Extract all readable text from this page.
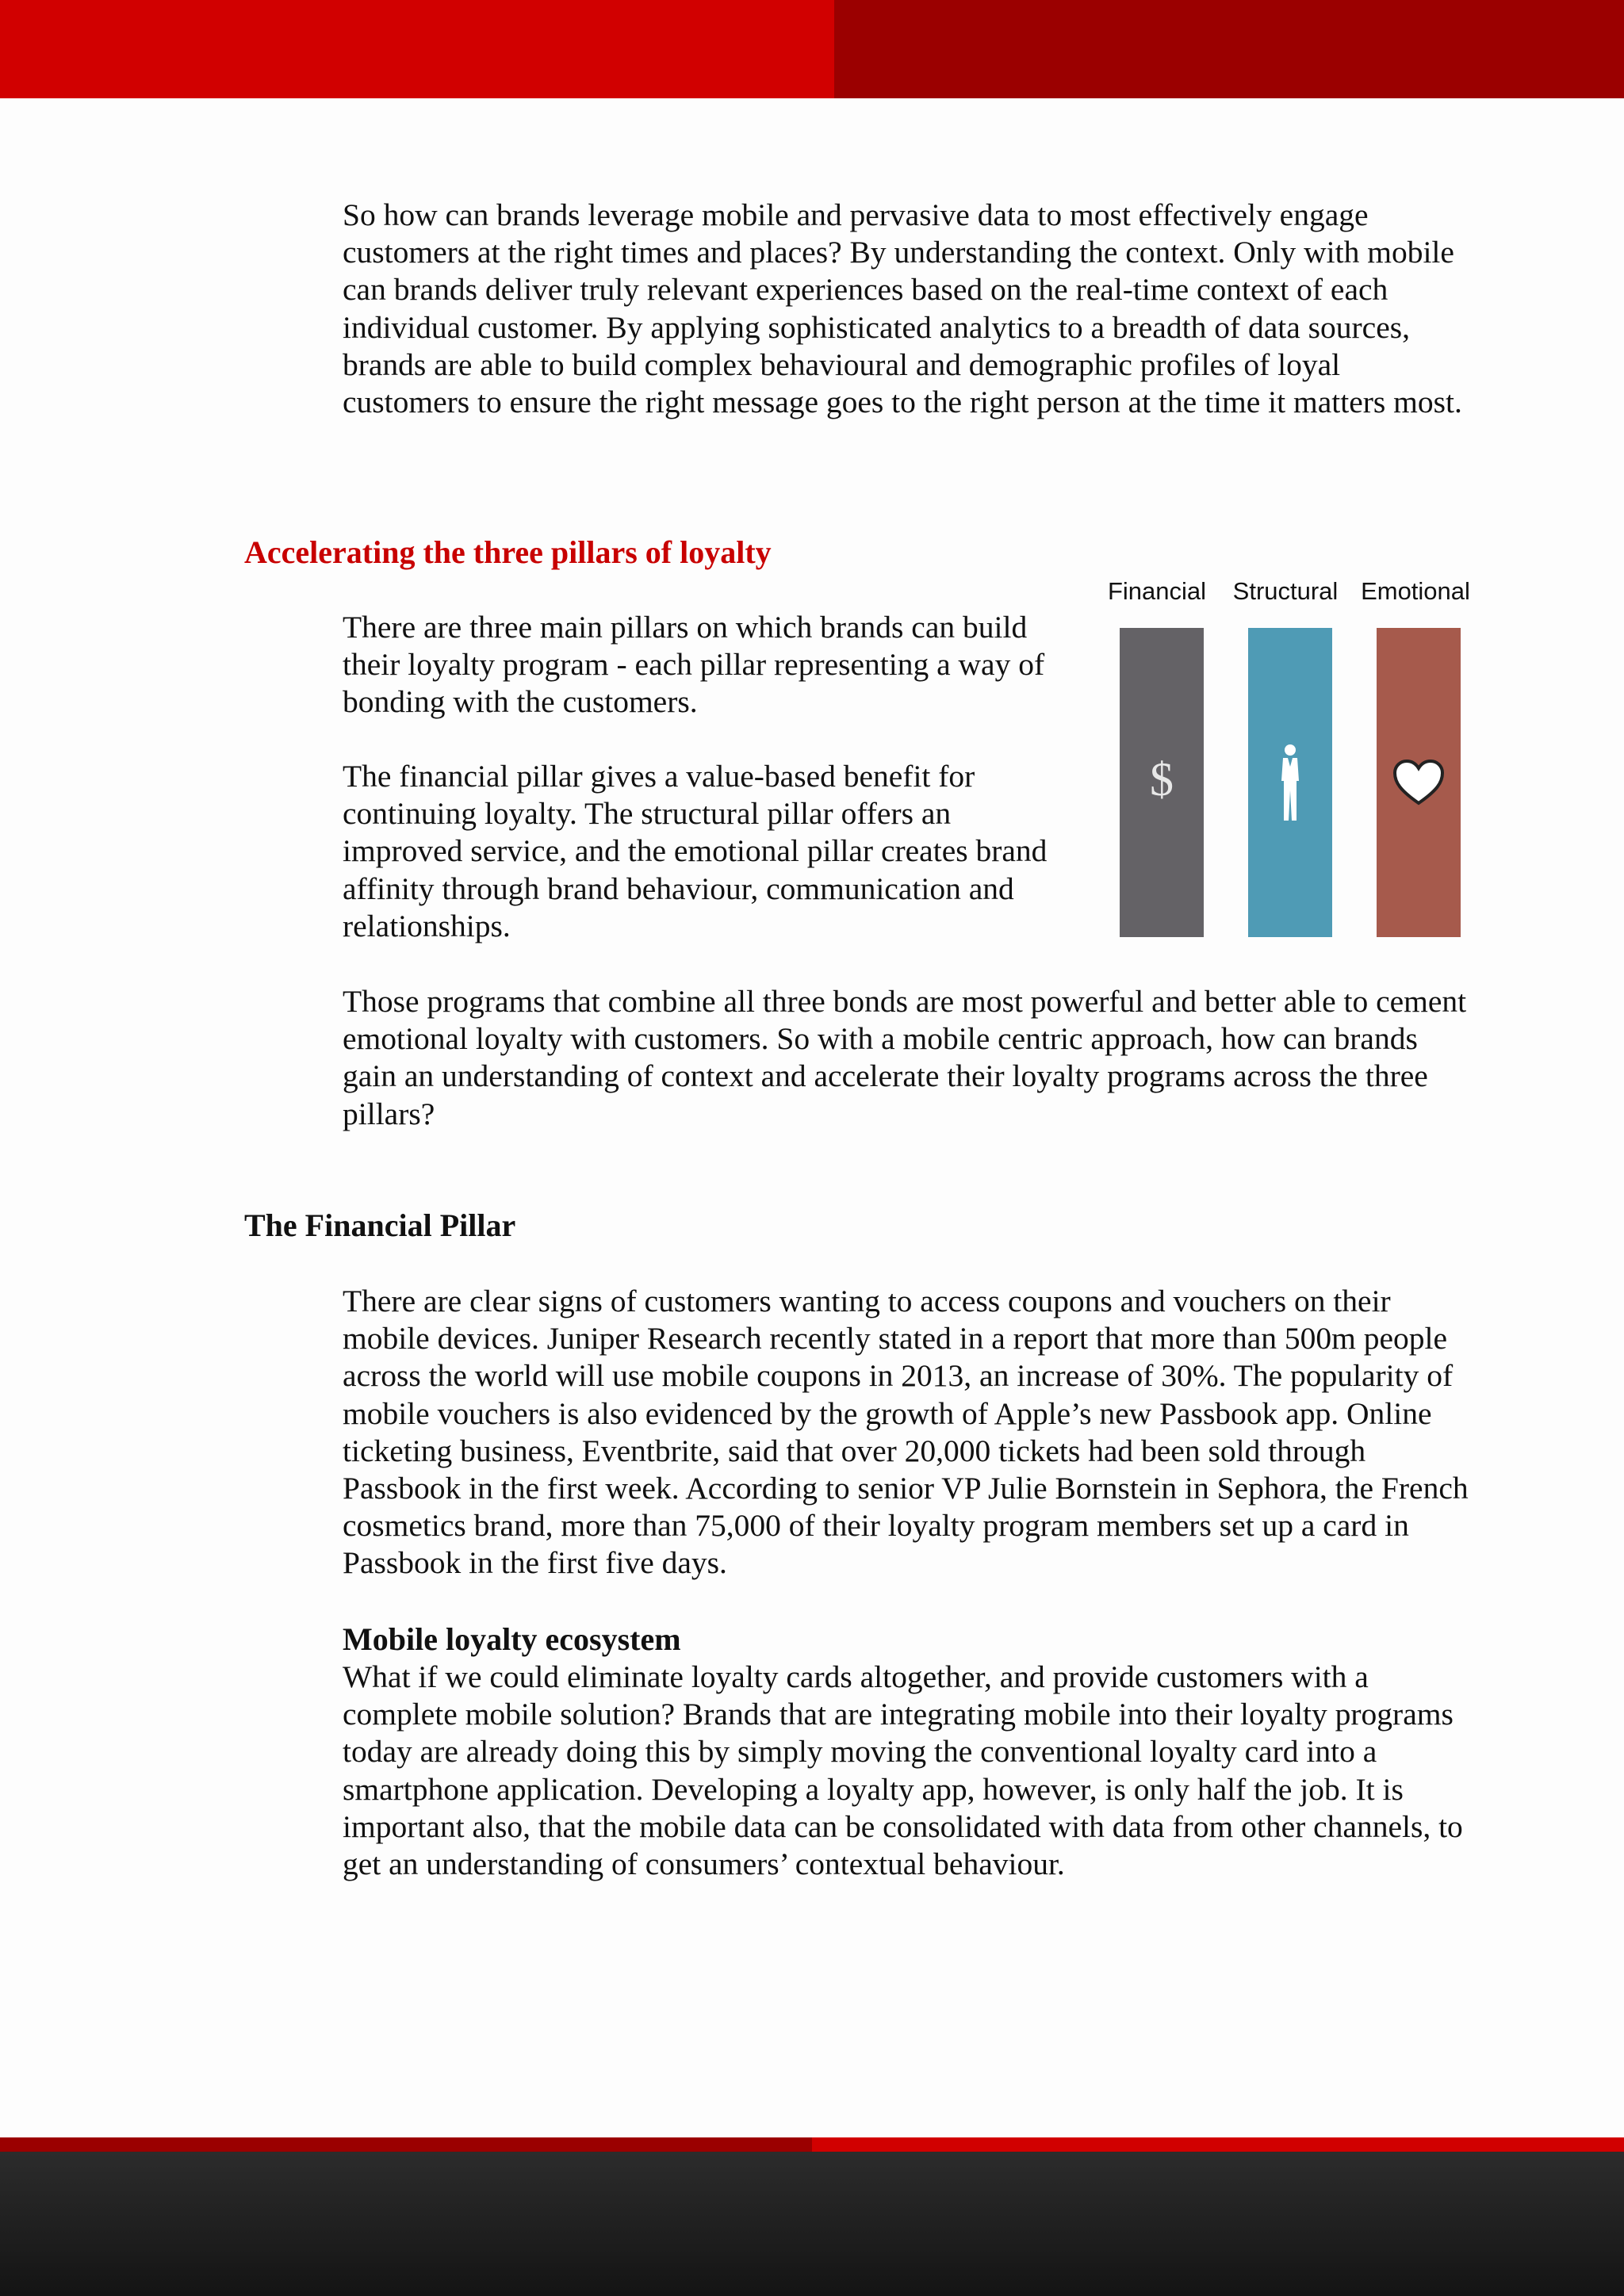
So how can brands leverage mobile and pervasive data to most effectively engage customers at the right times and places? By understanding the context. Only with mobile can brands deliver truly relevant experiences based on the real-time context of each individual customer. By applying sophisticated analytics to a breadth of data sources, brands are able to build complex behavioural and demographic profiles of loyal customers to ensure the right message goes to the right person at the time it matters most.

Accelerating the three pillars of loyalty

There are three main pillars on which brands can build their loyalty program - each pillar representing a way of bonding with the customers.

The financial pillar gives a value-based benefit for continuing loyalty. The structural pillar offers an improved service, and the emotional pillar creates brand affinity through brand behaviour, communication and relationships.

Those programs that combine all three bonds are most powerful and better able to cement emotional loyalty with customers. So with a mobile centric approach, how can brands gain an understanding of context and accelerate their loyalty programs across the three pillars?

Financial	Structural Emotional
$
The Financial Pillar

There are clear signs of customers wanting to access coupons and vouchers on their mobile devices. Juniper Research recently stated in a report that more than 500m people across the world will use mobile coupons in 2013, an increase of 30%. The popularity of mobile vouchers is also evidenced by the growth of Apple’s new Passbook app. Online ticketing business, Eventbrite, said that over 20,000 tickets had been sold through Passbook in the first week. According to senior VP Julie Bornstein in Sephora, the French cosmetics brand, more than 75,000 of their loyalty program members set up a card in Passbook in the first five days.

Mobile loyalty ecosystem

What if we could eliminate loyalty cards altogether, and provide customers with a complete mobile solution? Brands that are integrating mobile into their loyalty programs today are already doing this by simply moving the conventional loyalty card into a smartphone application. Developing a loyalty app, however, is only half the job. It is important also, that the mobile data can be consolidated with data from other channels, to get an understanding of consumers’ contextual behaviour.
